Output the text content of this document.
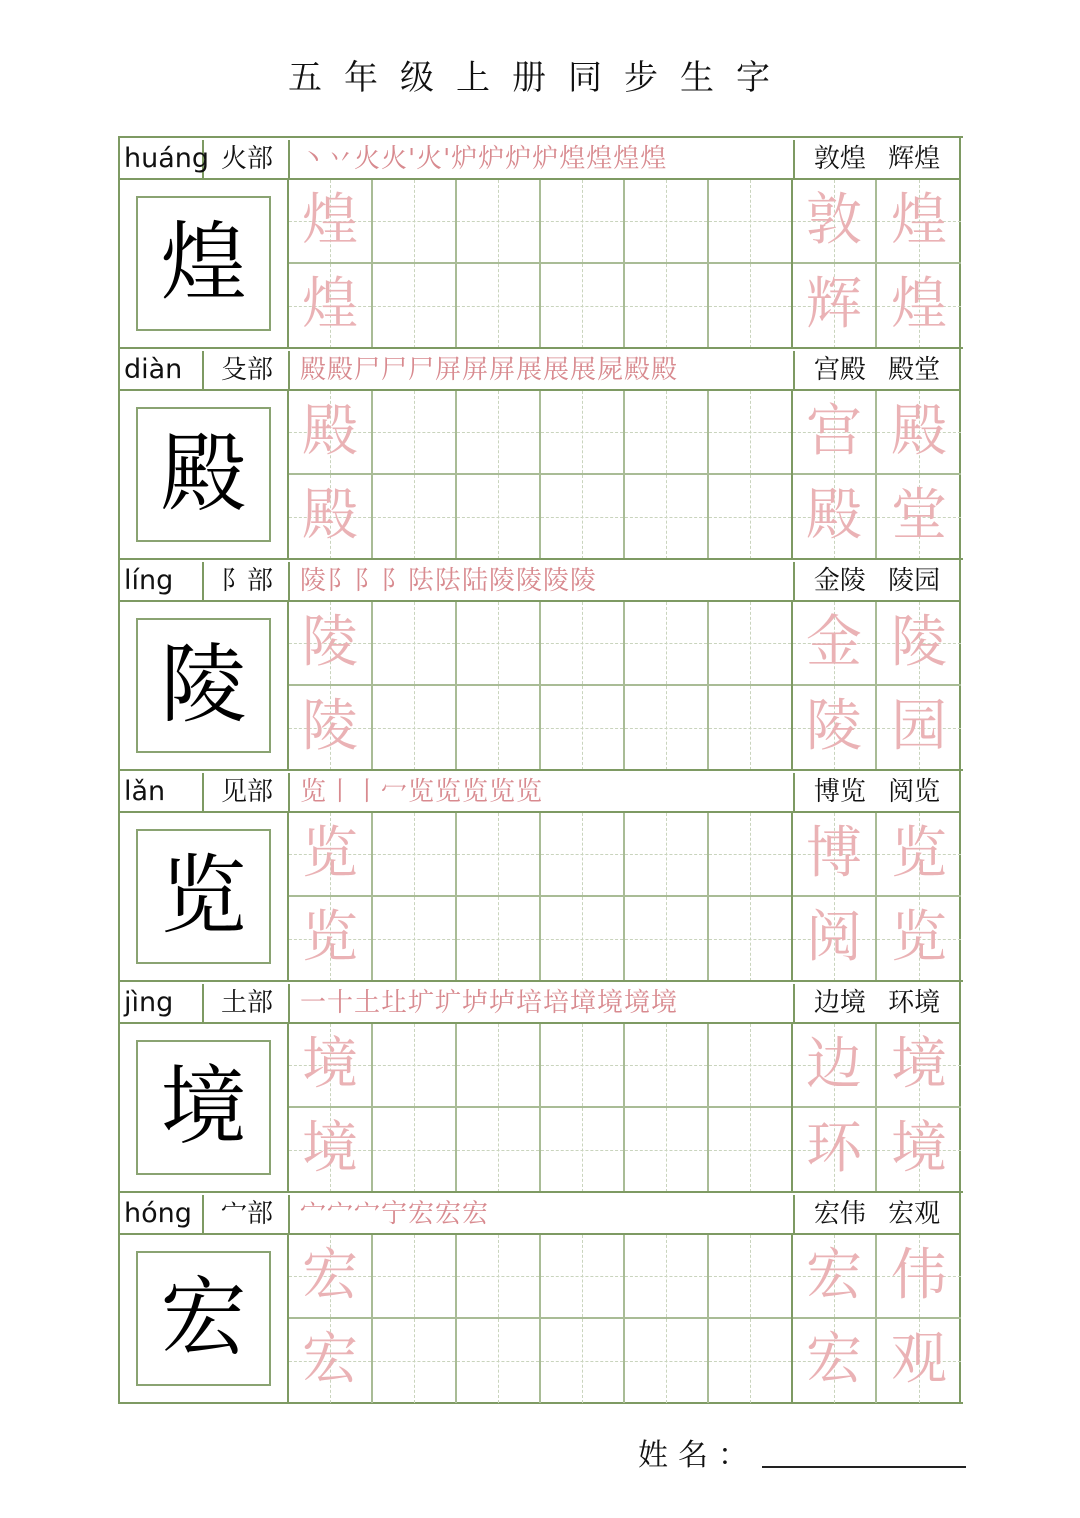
五年级上册同步生字
huáng 火部	丶丷火火'火'炉炉炉炉煌煌煌煌	敦煌 辉煌
煌 煌	敦 煌
煌	辉 煌
diàn	殳部	殿殿尸尸尸屏屏屏展展展屍殿殿	宫殿 殿堂
殿 殿	宫 殿
殿	殿 堂
líng	阝部	陵阝阝阝阹阹陆陵陵陵陵	金陵 陵园
陵 陵	金 陵
陵	陵 园
lǎn	见部	览丨丨冖览览览览览	博览 阅览
览 览	博 览
览	阅 览
jìng	土部	一十土圵圹圹垆垆培培墇境境境	边境 环境
境 境	边 境
境	环 境
hóng	宀部	宀宀宀宁宏宏宏	宏伟 宏观
宏 宏	宏 伟
宏	宏 观
姓名：
